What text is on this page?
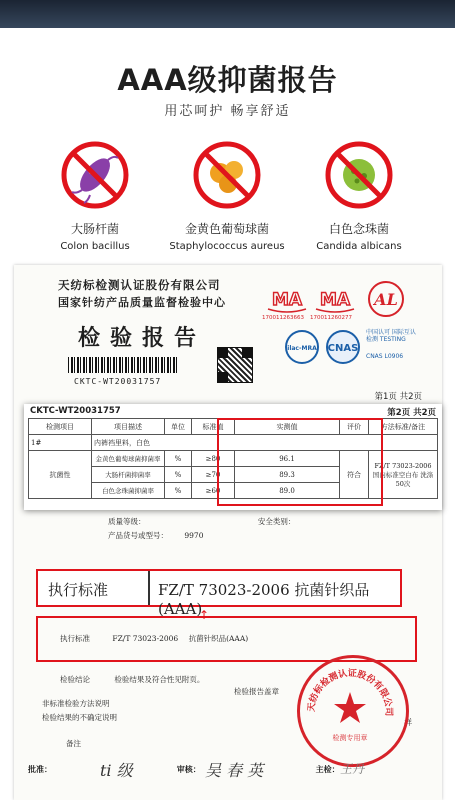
AAA级抑菌报告
用芯呵护 畅享舒适
大肠杆菌
Colon bacillus
金黄色葡萄球菌
Staphylococcus aureus
白色念珠菌
Candida albicans
天纺标检测认证股份有限公司
国家针纺产品质量监督检验中心
检验报告
CKTC-WT20031757
MA
170011263663
MA
170011260277
AL
ilac-MRA CNAS
中国认可 国际互认 检测 TESTING
CNAS L0906
第1页 共2页
CKTC-WT20031757	第2页 共2页
检测项目	项目描述	单位	标准值	实测值	评价	方法标准/备注
1#	内裤裆里料，白色					
抗菌性	金黄色葡萄球菌抑菌率	%	≥80	96.1	符合	FZ/T 73023-2006 国内标准空白布 洗涤50次
	大肠杆菌抑菌率	%	≥70	89.3		
	白色念珠菌抑菌率	%	≥60	89.0		
质量等级：	安全类别：
产品货号或型号： 9970
执行标准	FZ/T 73023-2006 抗菌针织品(AAA)
↑
执行标准	FZ/T 73023-2006 抗菌针织品(AAA)
检验结论	检验结果及符合性见附页。
检验报告盖章
非标准检验方法说明
检验结果的不确定说明
备注
样
天纺标检测认证股份有限公司
检测专用章
批准：	审核：	主检：
ti 级	吴 春 英	王丹
